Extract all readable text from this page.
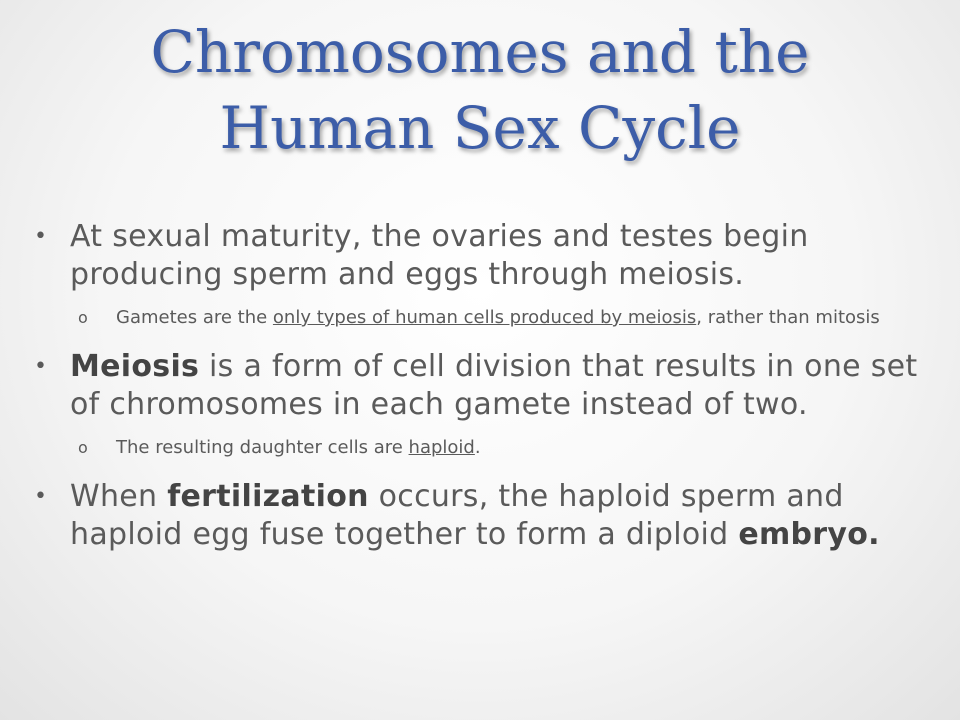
Chromosomes and the
Human Sex Cycle
• At sexual maturity, the ovaries and testes begin producing sperm and eggs through meiosis.
o Gametes are the only types of human cells produced by meiosis, rather than mitosis
• Meiosis is a form of cell division that results in one set of chromosomes in each gamete instead of two.
o The resulting daughter cells are haploid.
• When fertilization occurs, the haploid sperm and haploid egg fuse together to form a diploid embryo.
